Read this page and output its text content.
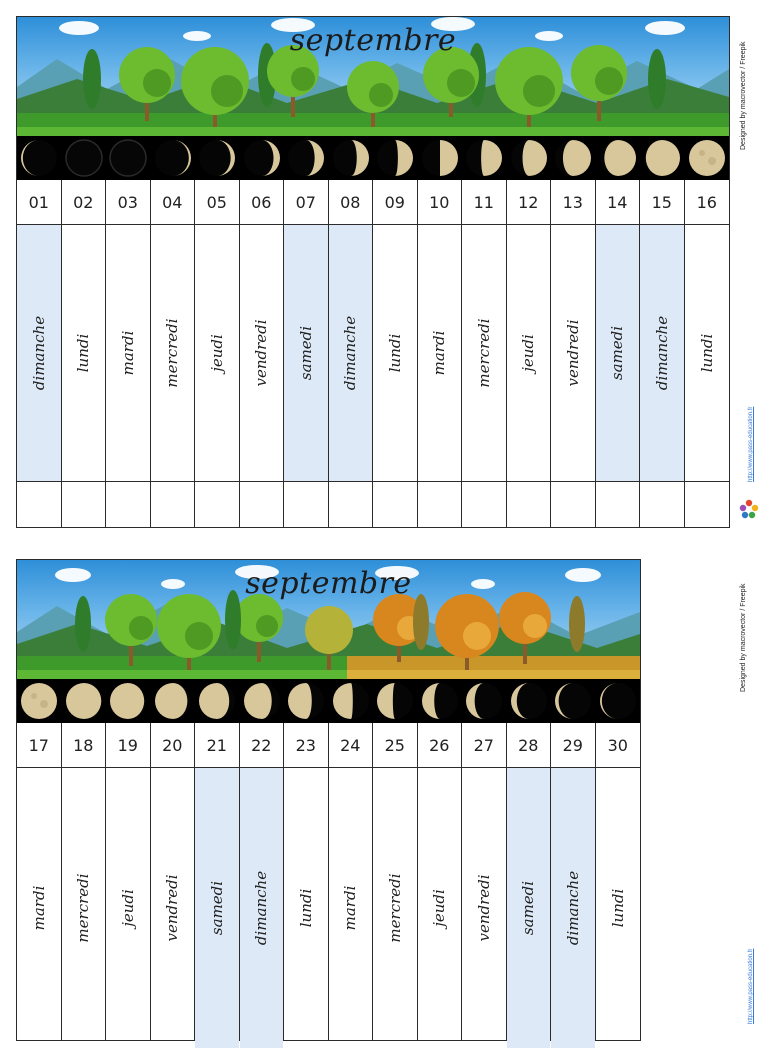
septembre
01
dimanche
02
lundi
03
mardi
04
mercredi
05
jeudi
06
vendredi
07
samedi
08
dimanche
09
lundi
10
mardi
11
mercredi
12
jeudi
13
vendredi
14
samedi
15
dimanche
16
lundi
septembre
17
mardi
18
mercredi
19
jeudi
20
vendredi
21
samedi
22
dimanche
23
lundi
24
mardi
25
mercredi
26
jeudi
27
vendredi
28
samedi
29
dimanche
30
lundi
Designed by macrovector / Freepik
http://www.pass-education.fr
Designed by macrovector / Freepik
http://www.pass-education.fr
